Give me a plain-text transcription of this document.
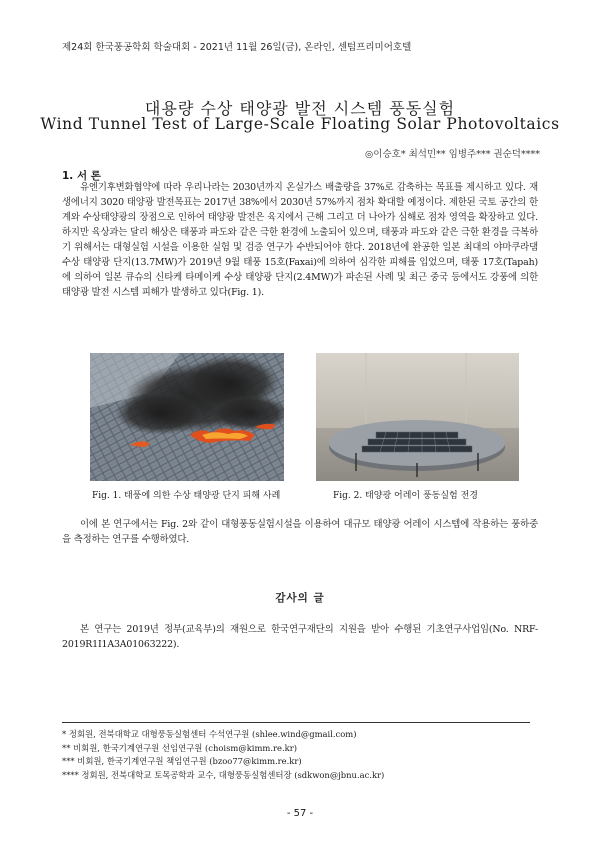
제24회 한국풍공학회 학술대회 - 2021년 11월 26일(금), 온라인, 센텀프리미어호텔
대용량 수상 태양광 발전 시스템 풍동실험
Wind Tunnel Test of Large-Scale Floating Solar Photovoltaics
◎이승호* 최석민** 임병주*** 권순덕****
1. 서 론

유엔기후변화협약에 따라 우리나라는 2030년까지 온실가스 배출량을 37%로 감축하는 목표를 제시하고 있다. 재생에너지 3020 태양광 발전목표는 2017년 38%에서 2030년 57%까지 점차 확대할 예정이다. 제한된 국토 공간의 한계와 수상태양광의 장점으로 인하여 태양광 발전은 육지에서 근해 그리고 더 나아가 심해로 점차 영역을 확장하고 있다. 하지만 육상과는 달리 해상은 태풍과 파도와 같은 극한 환경에 노출되어 있으며, 태풍과 파도와 같은 극한 환경을 극복하기 위해서는 대형실험 시설을 이용한 실험 및 검증 연구가 수반되어야 한다. 2018년에 완공한 일본 최대의 야마쿠라댐 수상 태양광 단지(13.7MW)가 2019년 9월 태풍 15호(Faxai)에 의하여 심각한 피해를 입었으며, 태풍 17호(Tapah)에 의하여 일본 큐슈의 신타케 타메이케 수상 태양광 단지(2.4MW)가 파손된 사례 및 최근 중국 등에서도 강풍에 의한 태양광 발전 시스템 피해가 발생하고 있다(Fig. 1).

Fig. 1. 태풍에 의한 수상 태양광 단지 피해 사례	Fig. 2. 태양광 어레이 풍동실험 전경

이에 본 연구에서는 Fig. 2와 같이 대형풍동실험시설을 이용하여 대규모 태양광 어레이 시스템에 작용하는 풍하중을 측정하는 연구를 수행하였다.

감사의 글

본 연구는 2019년 정부(교육부)의 재원으로 한국연구재단의 지원을 받아 수행된 기초연구사업임(No. NRF-2019R1I1A3A01063222).

* 정회원, 전북대학교 대형풍동실험센터 수석연구원 (shlee.wind@gmail.com)

** 비회원, 한국기계연구원 선임연구원 (choism@kimm.re.kr)

*** 비회원, 한국기계연구원 책임연구원 (bzoo77@kimm.re.kr)

**** 정회원, 전북대학교 토목공학과 교수, 대형풍동실험센터장 (sdkwon@jbnu.ac.kr)

- 57 -
